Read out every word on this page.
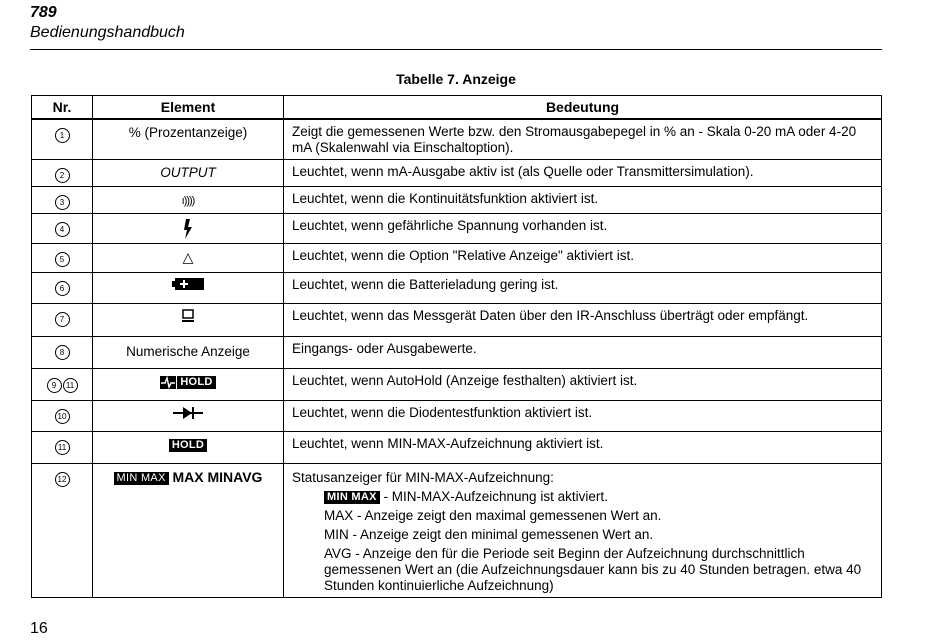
789
Bedienungshandbuch
Tabelle 7. Anzeige
Nr.	Element	Bedeutung
1	% (Prozentanzeige)	Zeigt die gemessenen Werte bzw. den Stromausgabepegel in % an - Skala 0-20 mA oder 4-20 mA (Skalenwahl via Einschaltoption).
2	OUTPUT	Leuchtet, wenn mA-Ausgabe aktiv ist (als Quelle oder Transmittersimulation).
3	ı))))	Leuchtet, wenn die Kontinuitätsfunktion aktiviert ist.
4		Leuchtet, wenn gefährliche Spannung vorhanden ist.
5	△	Leuchtet, wenn die Option "Relative Anzeige" aktiviert ist.
6		Leuchtet, wenn die Batterieladung gering ist.
7		Leuchtet, wenn das Messgerät Daten über den IR-Anschluss überträgt oder empfängt.
8	Numerische Anzeige	Eingangs- oder Ausgabewerte.

9 11	HOLD	Leuchtet, wenn AutoHold (Anzeige festhalten) aktiviert ist.
10		Leuchtet, wenn die Diodentestfunktion aktiviert ist.
11	HOLD	Leuchtet, wenn MIN-MAX-Aufzeichnung aktiviert ist.
12	MIN MAX MAX MINAVG	Statusanzeiger für MIN-MAX-Aufzeichnung:
MIN MAX - MIN-MAX-Aufzeichnung ist aktiviert.
MAX - Anzeige zeigt den maximal gemessenen Wert an.
MIN - Anzeige zeigt den minimal gemessenen Wert an.
AVG - Anzeige den für die Periode seit Beginn der Aufzeichnung durchschnittlich gemessenen Wert an (die Aufzeichnungsdauer kann bis zu 40 Stunden betragen. etwa 40 Stunden kontinuierliche Aufzeichnung)
16
